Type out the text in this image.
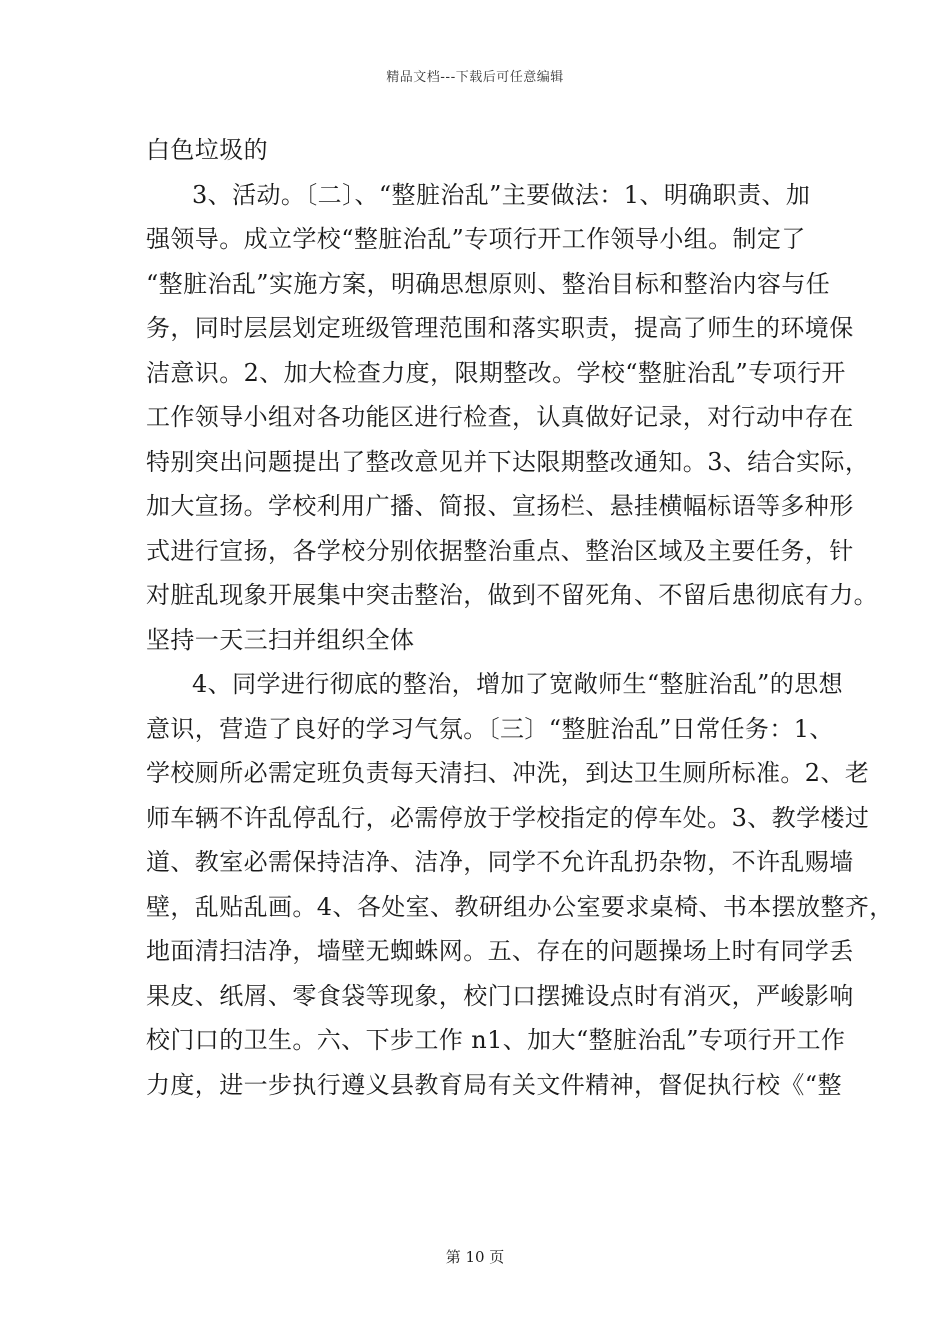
精品文档---下载后可任意编辑
白色垃圾的
3、活动。〔二〕、“整脏治乱”主要做法：1、明确职责、加
强领导。成立学校“整脏治乱”专项行开工作领导小组。制定了
“整脏治乱”实施方案，明确思想原则、整治目标和整治内容与任
务，同时层层划定班级管理范围和落实职责，提高了师生的环境保
洁意识。2、加大检查力度，限期整改。学校“整脏治乱”专项行开
工作领导小组对各功能区进行检查，认真做好记录，对行动中存在
特别突出问题提出了整改意见并下达限期整改通知。3、结合实际，
加大宣扬。学校利用广播、简报、宣扬栏、悬挂横幅标语等多种形
式进行宣扬，各学校分别依据整治重点、整治区域及主要任务，针
对脏乱现象开展集中突击整治，做到不留死角、不留后患彻底有力。
坚持一天三扫并组织全体
4、同学进行彻底的整治，增加了宽敞师生“整脏治乱”的思想
意识，营造了良好的学习气氛。〔三〕“整脏治乱”日常任务：1、
学校厕所必需定班负责每天清扫、冲洗，到达卫生厕所标准。2、老
师车辆不许乱停乱行，必需停放于学校指定的停车处。3、教学楼过
道、教室必需保持洁净、洁净，同学不允许乱扔杂物，不许乱赐墙
壁，乱贴乱画。4、各处室、教研组办公室要求桌椅、书本摆放整齐，
地面清扫洁净，墙壁无蜘蛛网。五、存在的问题操场上时有同学丢
果皮、纸屑、零食袋等现象，校门口摆摊设点时有消灭，严峻影响
校门口的卫生。六、下步工作 n1、加大“整脏治乱”专项行开工作
力度，进一步执行遵义县教育局有关文件精神，督促执行校《“整
第 10 页
